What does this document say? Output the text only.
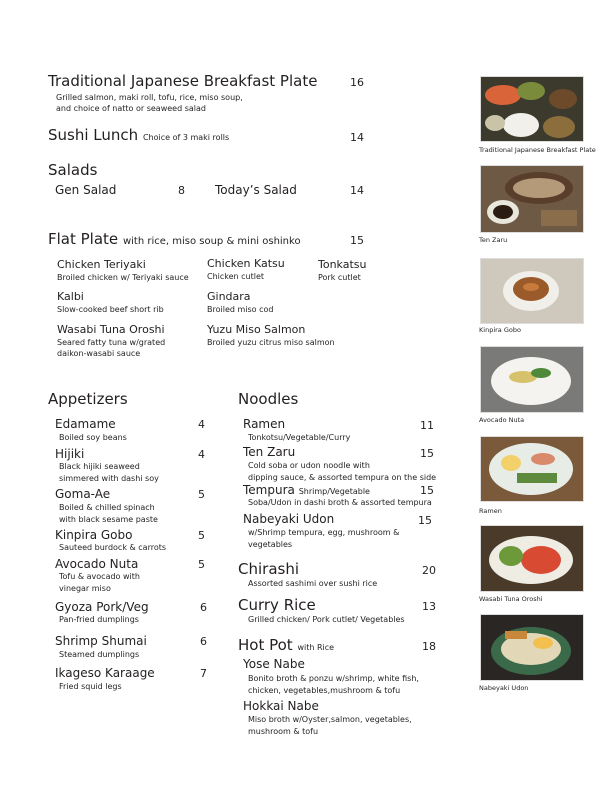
Traditional Japanese Breakfast Plate	16
Grilled salmon, maki roll, tofu, rice, miso soup,
and choice of natto or seaweed salad
Sushi Lunch Choice of 3 maki rolls	14
Salads
Gen Salad	8	Today’s Salad	14
Flat Plate with rice, miso soup & mini oshinko	15
Chicken Teriyaki
Broiled chicken w/ Teriyaki sauce
Chicken Katsu
Chicken cutlet
Tonkatsu
Pork cutlet
Kalbi
Slow-cooked beef short rib
Gindara
Broiled miso cod
Wasabi Tuna Oroshi
Seared fatty tuna w/grated
daikon-wasabi sauce
Yuzu Miso Salmon
Broiled yuzu citrus miso salmon
Appetizers
Edamame	4
Boiled soy beans
Hijiki	4
Black hijiki seaweed
simmered with dashi soy
Goma-Ae	5
Boiled & chilled spinach
with black sesame paste
Kinpira Gobo	5
Sauteed burdock & carrots
Avocado Nuta	5
Tofu & avocado with
vinegar miso
Gyoza Pork/Veg	6
Pan-fried dumplings
Shrimp Shumai	6
Steamed dumplings
Ikageso Karaage	7
Fried squid legs
Noodles
Ramen	11
Tonkotsu/Vegetable/Curry
Ten Zaru	15
Cold soba or udon noodle with
dipping sauce, & assorted tempura on the side
Tempura Shrimp/Vegetable	15
Soba/Udon in dashi broth & assorted tempura
Nabeyaki Udon	15
w/Shrimp tempura, egg, mushroom &
vegetables
Chirashi	20
Assorted sashimi over sushi rice
Curry Rice	13
Grilled chicken/ Pork cutlet/ Vegetables
Hot Pot with Rice	18
Yose Nabe
Bonito broth & ponzu w/shrimp, white fish,
chicken, vegetables,mushroom & tofu
Hokkai Nabe
Miso broth w/Oyster,salmon, vegetables,
mushroom & tofu
Traditional Japanese Breakfast Plate
Ten Zaru
Kinpira Gobo
Avocado Nuta
Ramen
Wasabi Tuna Oroshi
Nabeyaki Udon
